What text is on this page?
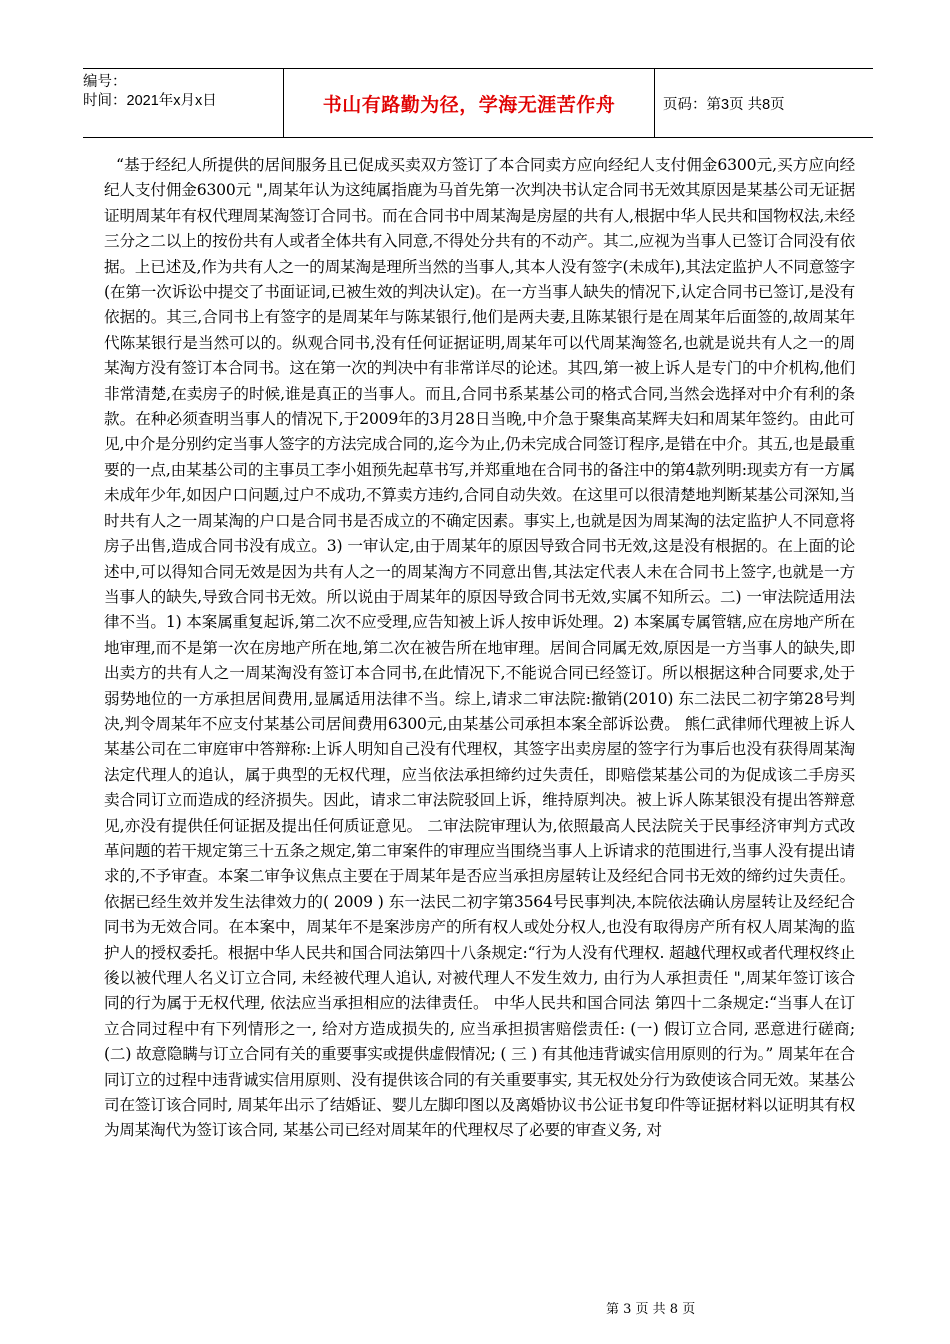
编号：
时间：2021年x月x日	书山有路勤为径，学海无涯苦作舟	页码：第3页 共8页

“基于经纪人所提供的居间服务且已促成买卖双方签订了本合同卖方应向经纪人支付佣金6300元,买方应向经纪人支付佣金6300元 ",周某年认为这纯属指鹿为马首先第一次判决书认定合同书无效其原因是某基公司无证据证明周某年有权代理周某淘签订合同书。而在合同书中周某淘是房屋的共有人,根据中华人民共和国物权法,未经三分之二以上的按份共有人或者全体共有入同意,不得处分共有的不动产。其二,应视为当事人已签订合同没有依据。上已述及,作为共有人之一的周某淘是理所当然的当事人,其本人没有签字(未成年),其法定监护人不同意签字(在第一次诉讼中提交了书面证词,已被生效的判决认定)。在一方当事人缺失的情况下,认定合同书已签订,是没有依据的。其三,合同书上有签字的是周某年与陈某银行,他们是两夫妻,且陈某银行是在周某年后面签的,故周某年代陈某银行是当然可以的。纵观合同书,没有任何证据证明,周某年可以代周某淘签名,也就是说共有人之一的周某淘方没有签订本合同书。这在第一次的判决中有非常详尽的论述。其四,第一被上诉人是专门的中介机构,他们非常清楚,在卖房子的时候,谁是真正的当事人。而且,合同书系某基公司的格式合同,当然会选择对中介有利的条款。在种必须查明当事人的情况下,于2009年的3月28日当晚,中介急于聚集高某辉夫妇和周某年签约。由此可见,中介是分别约定当事人签字的方法完成合同的,迄今为止,仍未完成合同签订程序,是错在中介。其五,也是最重要的一点,由某基公司的主事员工李小姐预先起草书写,并郑重地在合同书的备注中的第4款列明:现卖方有一方属未成年少年,如因户口问题,过户不成功,不算卖方违约,合同自动失效。在这里可以很清楚地判断某基公司深知,当时共有人之一周某淘的户口是合同书是否成立的不确定因素。事实上,也就是因为周某淘的法定监护人不同意将房子出售,造成合同书没有成立。3) 一审认定,由于周某年的原因导致合同书无效,这是没有根据的。在上面的论述中,可以得知合同无效是因为共有人之一的周某淘方不同意出售,其法定代表人未在合同书上签字,也就是一方当事人的缺失,导致合同书无效。所以说由于周某年的原因导致合同书无效,实属不知所云。二) 一审法院适用法律不当。1) 本案属重复起诉,第二次不应受理,应告知被上诉人按申诉处理。2) 本案属专属管辖,应在房地产所在地审理,而不是第一次在房地产所在地,第二次在被告所在地审理。居间合同属无效,原因是一方当事人的缺失,即出卖方的共有人之一周某淘没有签订本合同书,在此情况下,不能说合同已经签订。所以根据这种合同要求,处于弱势地位的一方承担居间费用,显属适用法律不当。综上,请求二审法院:撤销(2010) 东二法民二初字第28号判决,判令周某年不应支付某基公司居间费用6300元,由某基公司承担本案全部诉讼费。 熊仁武律师代理被上诉人某基公司在二审庭审中答辩称:上诉人明知自己没有代理权，其签字出卖房屋的签字行为事后也没有获得周某淘法定代理人的追认，属于典型的无权代理，应当依法承担缔约过失责任，即赔偿某基公司的为促成该二手房买卖合同订立而造成的经济损失。因此，请求二审法院驳回上诉，维持原判决。被上诉人陈某银没有提出答辩意见,亦没有提供任何证据及提出任何质证意见。 二审法院审理认为,依照最高人民法院关于民事经济审判方式改革问题的若干规定第三十五条之规定,第二审案件的审理应当围绕当事人上诉请求的范围进行,当事人没有提出请求的,不予审查。本案二审争议焦点主要在于周某年是否应当承担房屋转让及经纪合同书无效的缔约过失责任。依据已经生效并发生法律效力的( 2009 ) 东一法民二初字第3564号民事判决,本院依法确认房屋转让及经纪合同书为无效合同。在本案中，周某年不是案涉房产的所有权人或处分权人,也没有取得房产所有权人周某淘的监护人的授权委托。根据中华人民共和国合同法第四十八条规定:“行为人没有代理权. 超越代理权或者代理权终止後以被代理人名义订立合同, 未经被代理人追认, 对被代理人不发生效力, 由行为人承担责任 ",周某年签订该合同的行为属于无权代理, 依法应当承担相应的法律责任。 中华人民共和国合同法 第四十二条规定:“当事人在订立合同过程中有下列情形之一, 给对方造成损失的, 应当承担损害赔偿责任: (一) 假订立合同, 恶意进行磋商; (二) 故意隐瞒与订立合同有关的重要事实或提供虚假情况; ( 三 ) 有其他违背诚实信用原则的行为。” 周某年在合同订立的过程中违背诚实信用原则、没有提供该合同的有关重要事实, 其无权处分行为致使该合同无效。某基公司在签订该合同时, 周某年出示了结婚证、婴儿左脚印图以及离婚协议书公证书复印件等证据材料以证明其有权为周某淘代为签订该合同, 某基公司已经对周某年的代理权尽了必要的审查义务, 对

第 3 页 共 8 页
